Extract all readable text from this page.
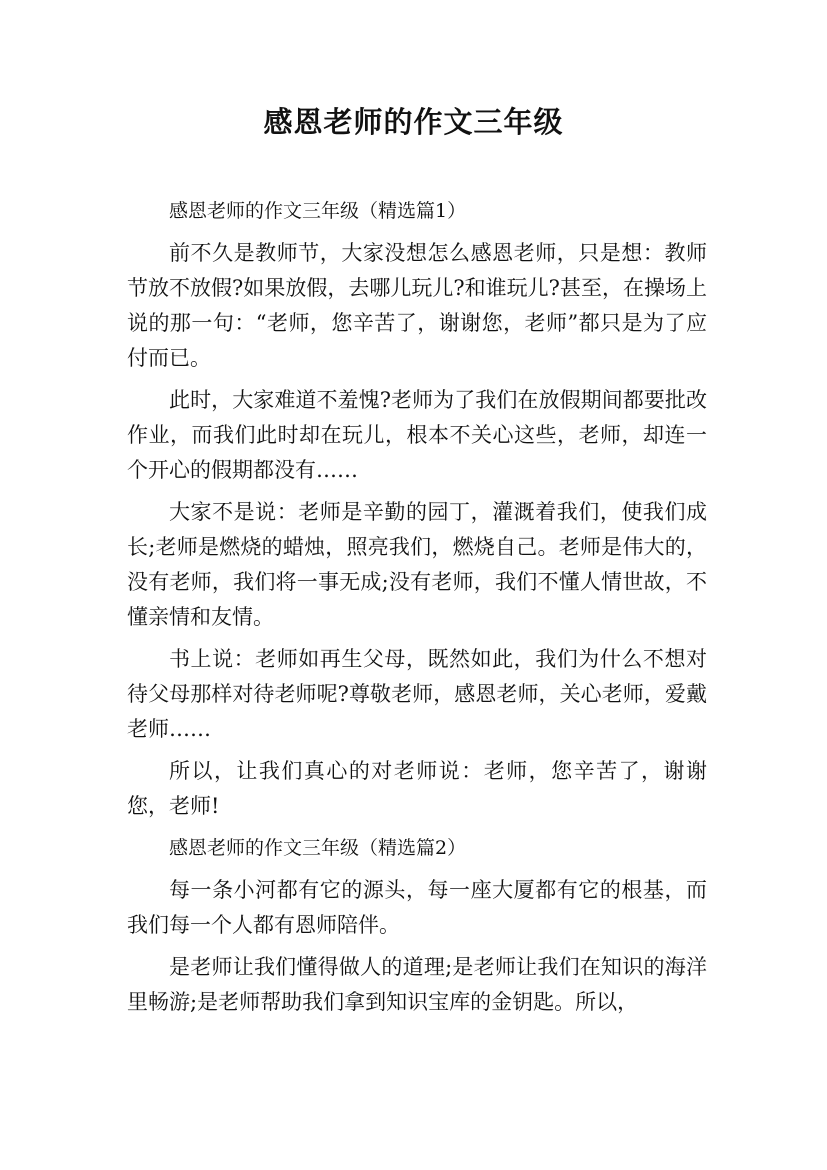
感恩老师的作文三年级

感恩老师的作文三年级（精选篇1）

前不久是教师节，大家没想怎么感恩老师，只是想：教师节放不放假?如果放假，去哪儿玩儿?和谁玩儿?甚至，在操场上说的那一句：“老师，您辛苦了，谢谢您，老师”都只是为了应付而已。

此时，大家难道不羞愧?老师为了我们在放假期间都要批改作业，而我们此时却在玩儿，根本不关心这些，老师，却连一个开心的假期都没有……

大家不是说：老师是辛勤的园丁，灌溉着我们，使我们成长;老师是燃烧的蜡烛，照亮我们，燃烧自己。老师是伟大的，没有老师，我们将一事无成;没有老师，我们不懂人情世故，不懂亲情和友情。

书上说：老师如再生父母，既然如此，我们为什么不想对待父母那样对待老师呢?尊敬老师，感恩老师，关心老师，爱戴老师……

所以，让我们真心的对老师说：老师，您辛苦了，谢谢您，老师!

感恩老师的作文三年级（精选篇2）

每一条小河都有它的源头，每一座大厦都有它的根基，而我们每一个人都有恩师陪伴。

是老师让我们懂得做人的道理;是老师让我们在知识的海洋里畅游;是老师帮助我们拿到知识宝库的金钥匙。所以，
